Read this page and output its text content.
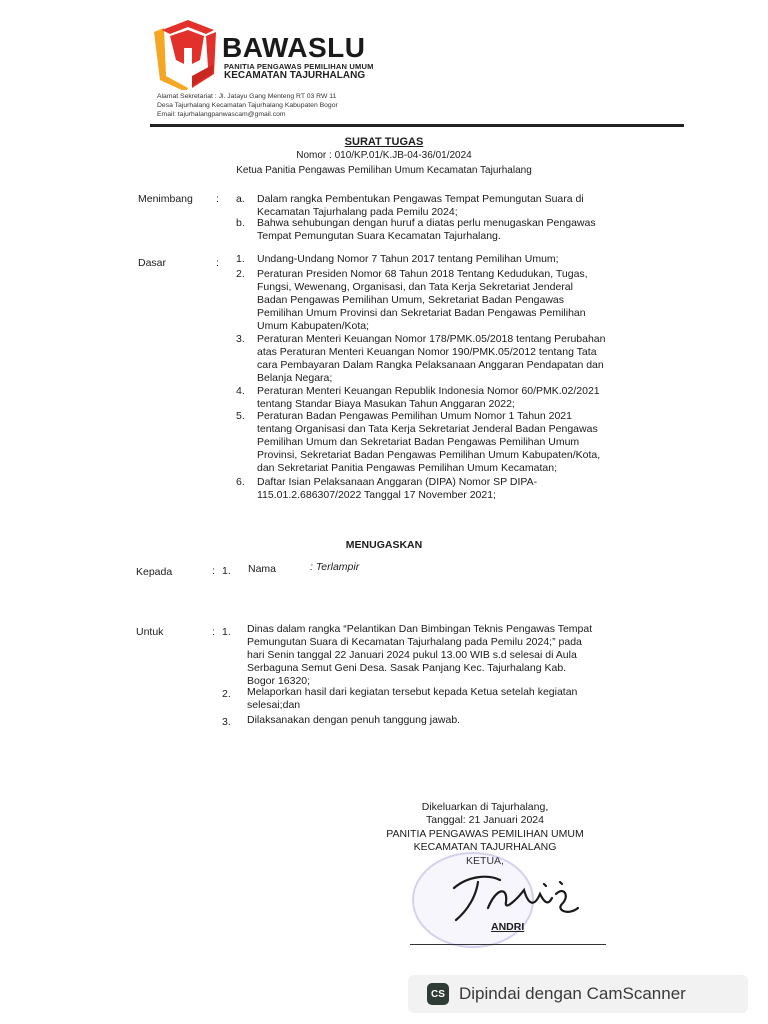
BAWASLU
PANITIA PENGAWAS PEMILIHAN UMUM
KECAMATAN TAJURHALANG
Alamat Sekretariat : Jl. Jatayu Gang Menteng RT 03 RW 11
Desa Tajurhalang Kecamatan Tajurhalang Kabupaten Bogor
Email: tajurhalangpanwascam@gmail.com
SURAT TUGAS
Nomor : 010/KP.01/K.JB-04-36/01/2024
Ketua Panitia Pengawas Pemilihan Umum Kecamatan Tajurhalang
Menimbang : a. Dalam rangka Pembentukan Pengawas Tempat Pemungutan Suara di
Kecamatan Tajurhalang pada Pemilu 2024;
b. Bahwa sehubungan dengan huruf a diatas perlu menugaskan Pengawas
Tempat Pemungutan Suara Kecamatan Tajurhalang.
Dasar	: 1. Undang-Undang Nomor 7 Tahun 2017 tentang Pemilihan Umum;
2. Peraturan Presiden Nomor 68 Tahun 2018 Tentang Kedudukan, Tugas,
Fungsi, Wewenang, Organisasi, dan Tata Kerja Sekretariat Jenderal
Badan Pengawas Pemilihan Umum, Sekretariat Badan Pengawas
Pemilihan Umum Provinsi dan Sekretariat Badan Pengawas Pemilihan
Umum Kabupaten/Kota;
3. Peraturan Menteri Keuangan Nomor 178/PMK.05/2018 tentang Perubahan
atas Peraturan Menteri Keuangan Nomor 190/PMK.05/2012 tentang Tata
cara Pembayaran Dalam Rangka Pelaksanaan Anggaran Pendapatan dan
Belanja Negara;
4. Peraturan Menteri Keuangan Republik Indonesia Nomor 60/PMK.02/2021
tentang Standar Biaya Masukan Tahun Anggaran 2022;
5. Peraturan Badan Pengawas Pemilihan Umum Nomor 1 Tahun 2021
tentang Organisasi dan Tata Kerja Sekretariat Jenderal Badan Pengawas
Pemilihan Umum dan Sekretariat Badan Pengawas Pemilihan Umum
Provinsi, Sekretariat Badan Pengawas Pemilihan Umum Kabupaten/Kota,
dan Sekretariat Panitia Pengawas Pemilihan Umum Kecamatan;
6. Daftar Isian Pelaksanaan Anggaran (DIPA) Nomor SP DIPA-
115.01.2.686307/2022 Tanggal 17 November 2021;
MENUGASKAN
Kepada	: 1. Nama	: Terlampir
Untuk	: 1. Dinas dalam rangka “Pelantikan Dan Bimbingan Teknis Pengawas Tempat
Pemungutan Suara di Kecamatan Tajurhalang pada Pemilu 2024;” pada
hari Senin tanggal 22 Januari 2024 pukul 13.00 WIB s.d selesai di Aula
Serbaguna Semut Geni Desa. Sasak Panjang Kec. Tajurhalang Kab.
Bogor 16320;
2. Melaporkan hasil dari kegiatan tersebut kepada Ketua setelah kegiatan
selesai;dan
3. Dilaksanakan dengan penuh tanggung jawab.
Dikeluarkan di Tajurhalang,
Tanggal: 21 Januari 2024
PANITIA PENGAWAS PEMILIHAN UMUM
KECAMATAN TAJURHALANG
KETUA,
ANDRI
CS Dipindai dengan CamScanner
